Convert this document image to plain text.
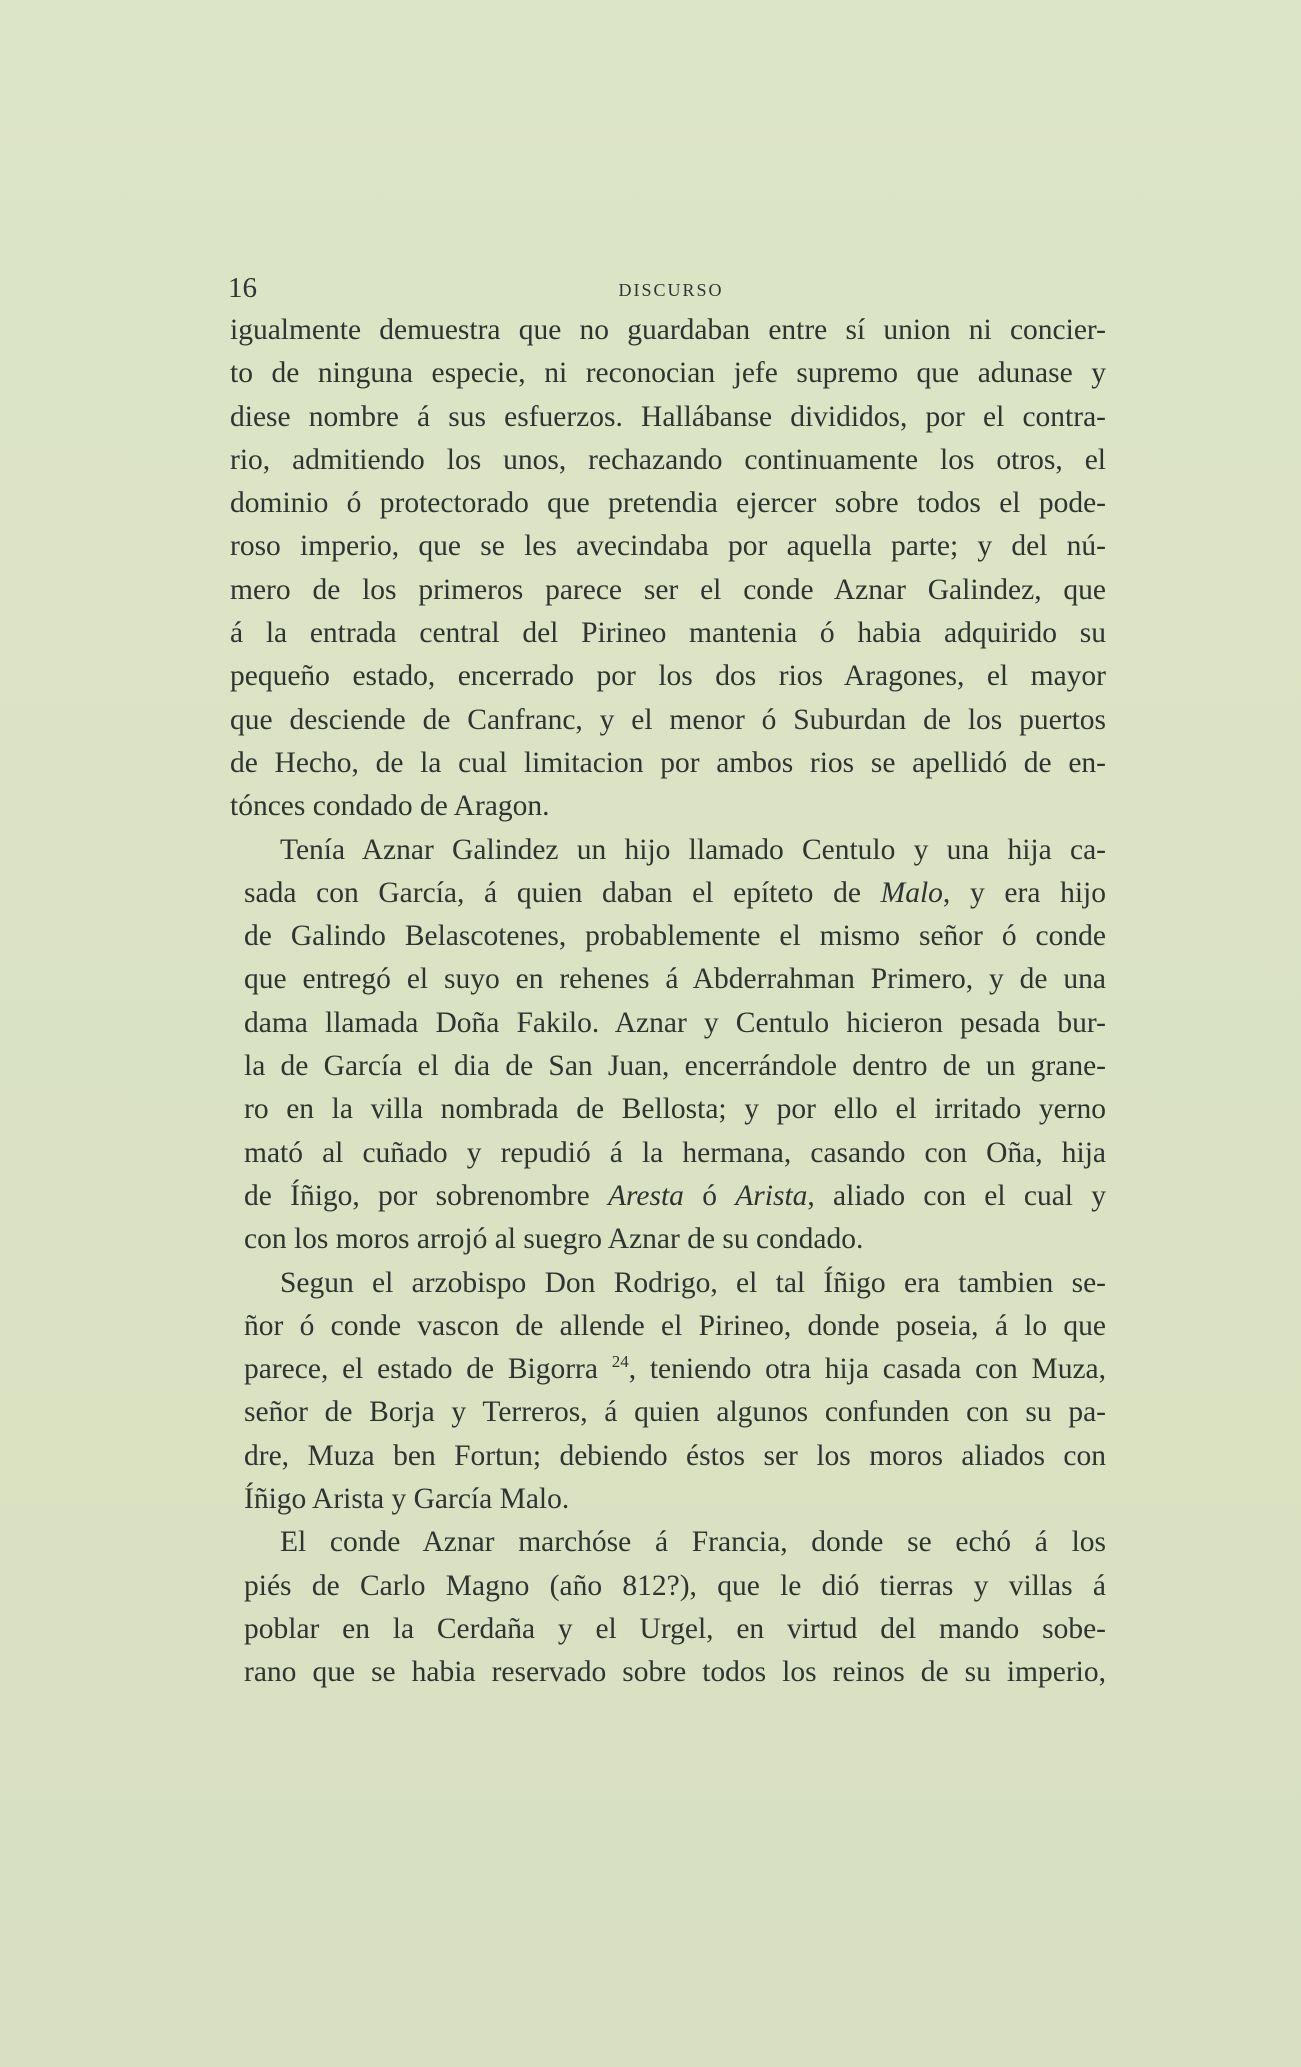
16	DISCURSO
igualmente demuestra que no guardaban entre sí union ni concier-
to de ninguna especie, ni reconocian jefe supremo que adunase y
diese nombre á sus esfuerzos. Hallábanse divididos, por el contra-
rio, admitiendo los unos, rechazando continuamente los otros, el
dominio ó protectorado que pretendia ejercer sobre todos el pode-
roso imperio, que se les avecindaba por aquella parte; y del nú-
mero de los primeros parece ser el conde Aznar Galindez, que
á la entrada central del Pirineo mantenia ó habia adquirido su
pequeño estado, encerrado por los dos rios Aragones, el mayor
que desciende de Canfranc, y el menor ó Suburdan de los puertos
de Hecho, de la cual limitacion por ambos rios se apellidó de en-
tónces condado de Aragon.
Tenía Aznar Galindez un hijo llamado Centulo y una hija ca-
sada con García, á quien daban el epíteto de Malo, y era hijo
de Galindo Belascotenes, probablemente el mismo señor ó conde
que entregó el suyo en rehenes á Abderrahman Primero, y de una
dama llamada Doña Fakilo. Aznar y Centulo hicieron pesada bur-
la de García el dia de San Juan, encerrándole dentro de un grane-
ro en la villa nombrada de Bellosta; y por ello el irritado yerno
mató al cuñado y repudió á la hermana, casando con Oña, hija
de Íñigo, por sobrenombre Aresta ó Arista, aliado con el cual y
con los moros arrojó al suegro Aznar de su condado.
Segun el arzobispo Don Rodrigo, el tal Íñigo era tambien se-
ñor ó conde vascon de allende el Pirineo, donde poseia, á lo que
parece, el estado de Bigorra $^{24}$, teniendo otra hija casada con Muza,
señor de Borja y Terreros, á quien algunos confunden con su pa-
dre, Muza ben Fortun; debiendo éstos ser los moros aliados con
Íñigo Arista y García Malo.
El conde Aznar marchóse á Francia, donde se echó á los
piés de Carlo Magno (año 812?), que le dió tierras y villas á
poblar en la Cerdaña y el Urgel, en virtud del mando sobe-
rano que se habia reservado sobre todos los reinos de su imperio,
